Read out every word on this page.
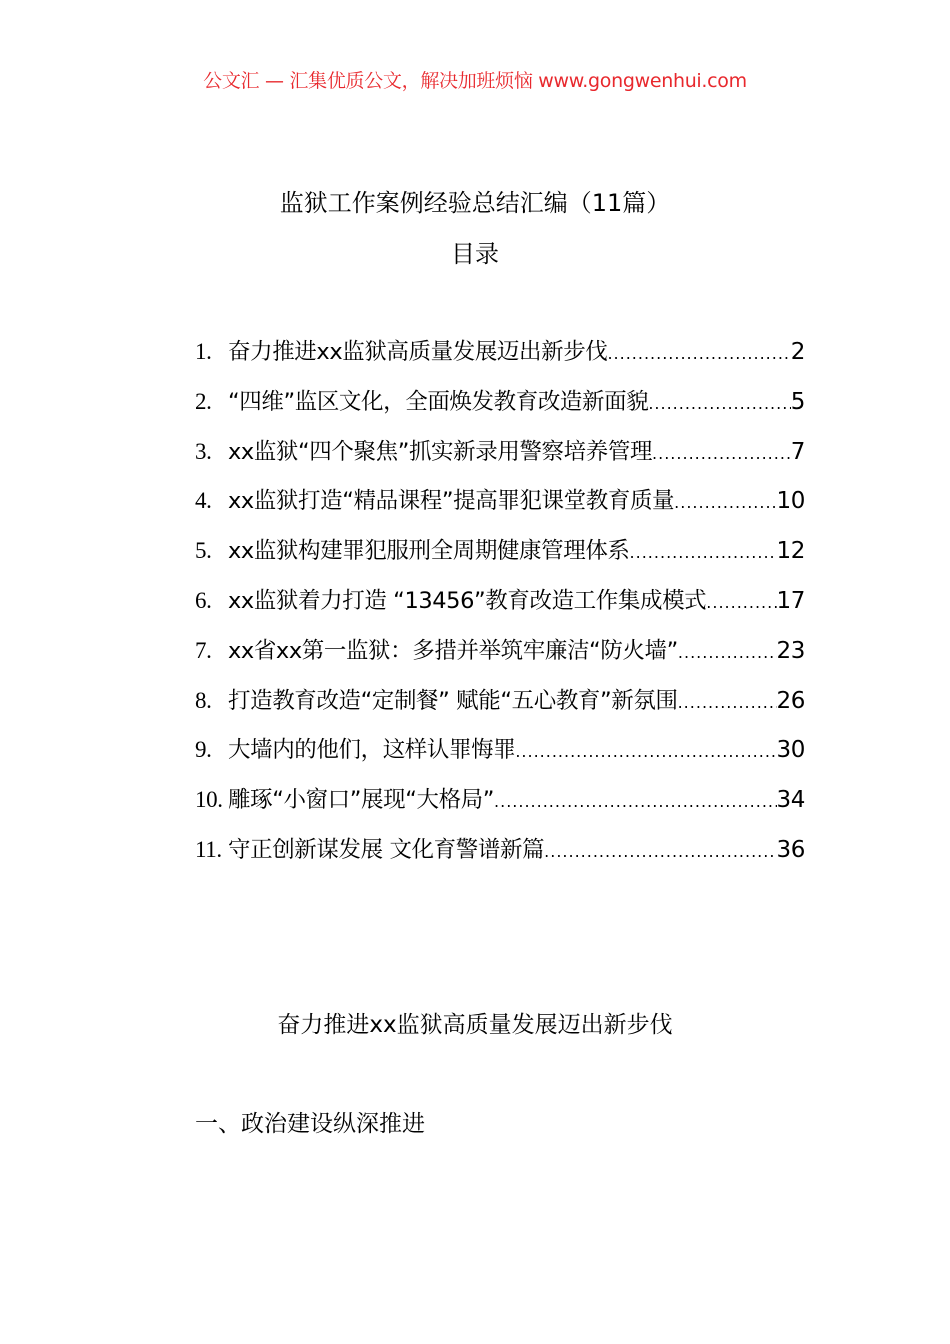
公文汇 — 汇集优质公文，解决加班烦恼 www.gongwenhui.com
监狱工作案例经验总结汇编（11篇）
目录
1. 奋力推进xx监狱高质量发展迈出新步伐 .....	2
2. “四维”监区文化，全面焕发教育改造新面貌 .....	5
3. xx监狱“四个聚焦”抓实新录用警察培养管理 .....	7
4. xx监狱打造“精品课程”提高罪犯课堂教育质量 .....	10
5. xx监狱构建罪犯服刑全周期健康管理体系 .....	12
6. xx监狱着力打造 “13456”教育改造工作集成模式 .....	17
7. xx省xx第一监狱：多措并举筑牢廉洁“防火墙” .....	23
8. 打造教育改造“定制餐” 赋能“五心教育”新氛围 .....	26
9. 大墙内的他们，这样认罪悔罪 .....	30
10. 雕琢“小窗口”展现“大格局” .....	34
11. 守正创新谋发展 文化育警谱新篇 .....	36
奋力推进xx监狱高质量发展迈出新步伐
一、政治建设纵深推进
